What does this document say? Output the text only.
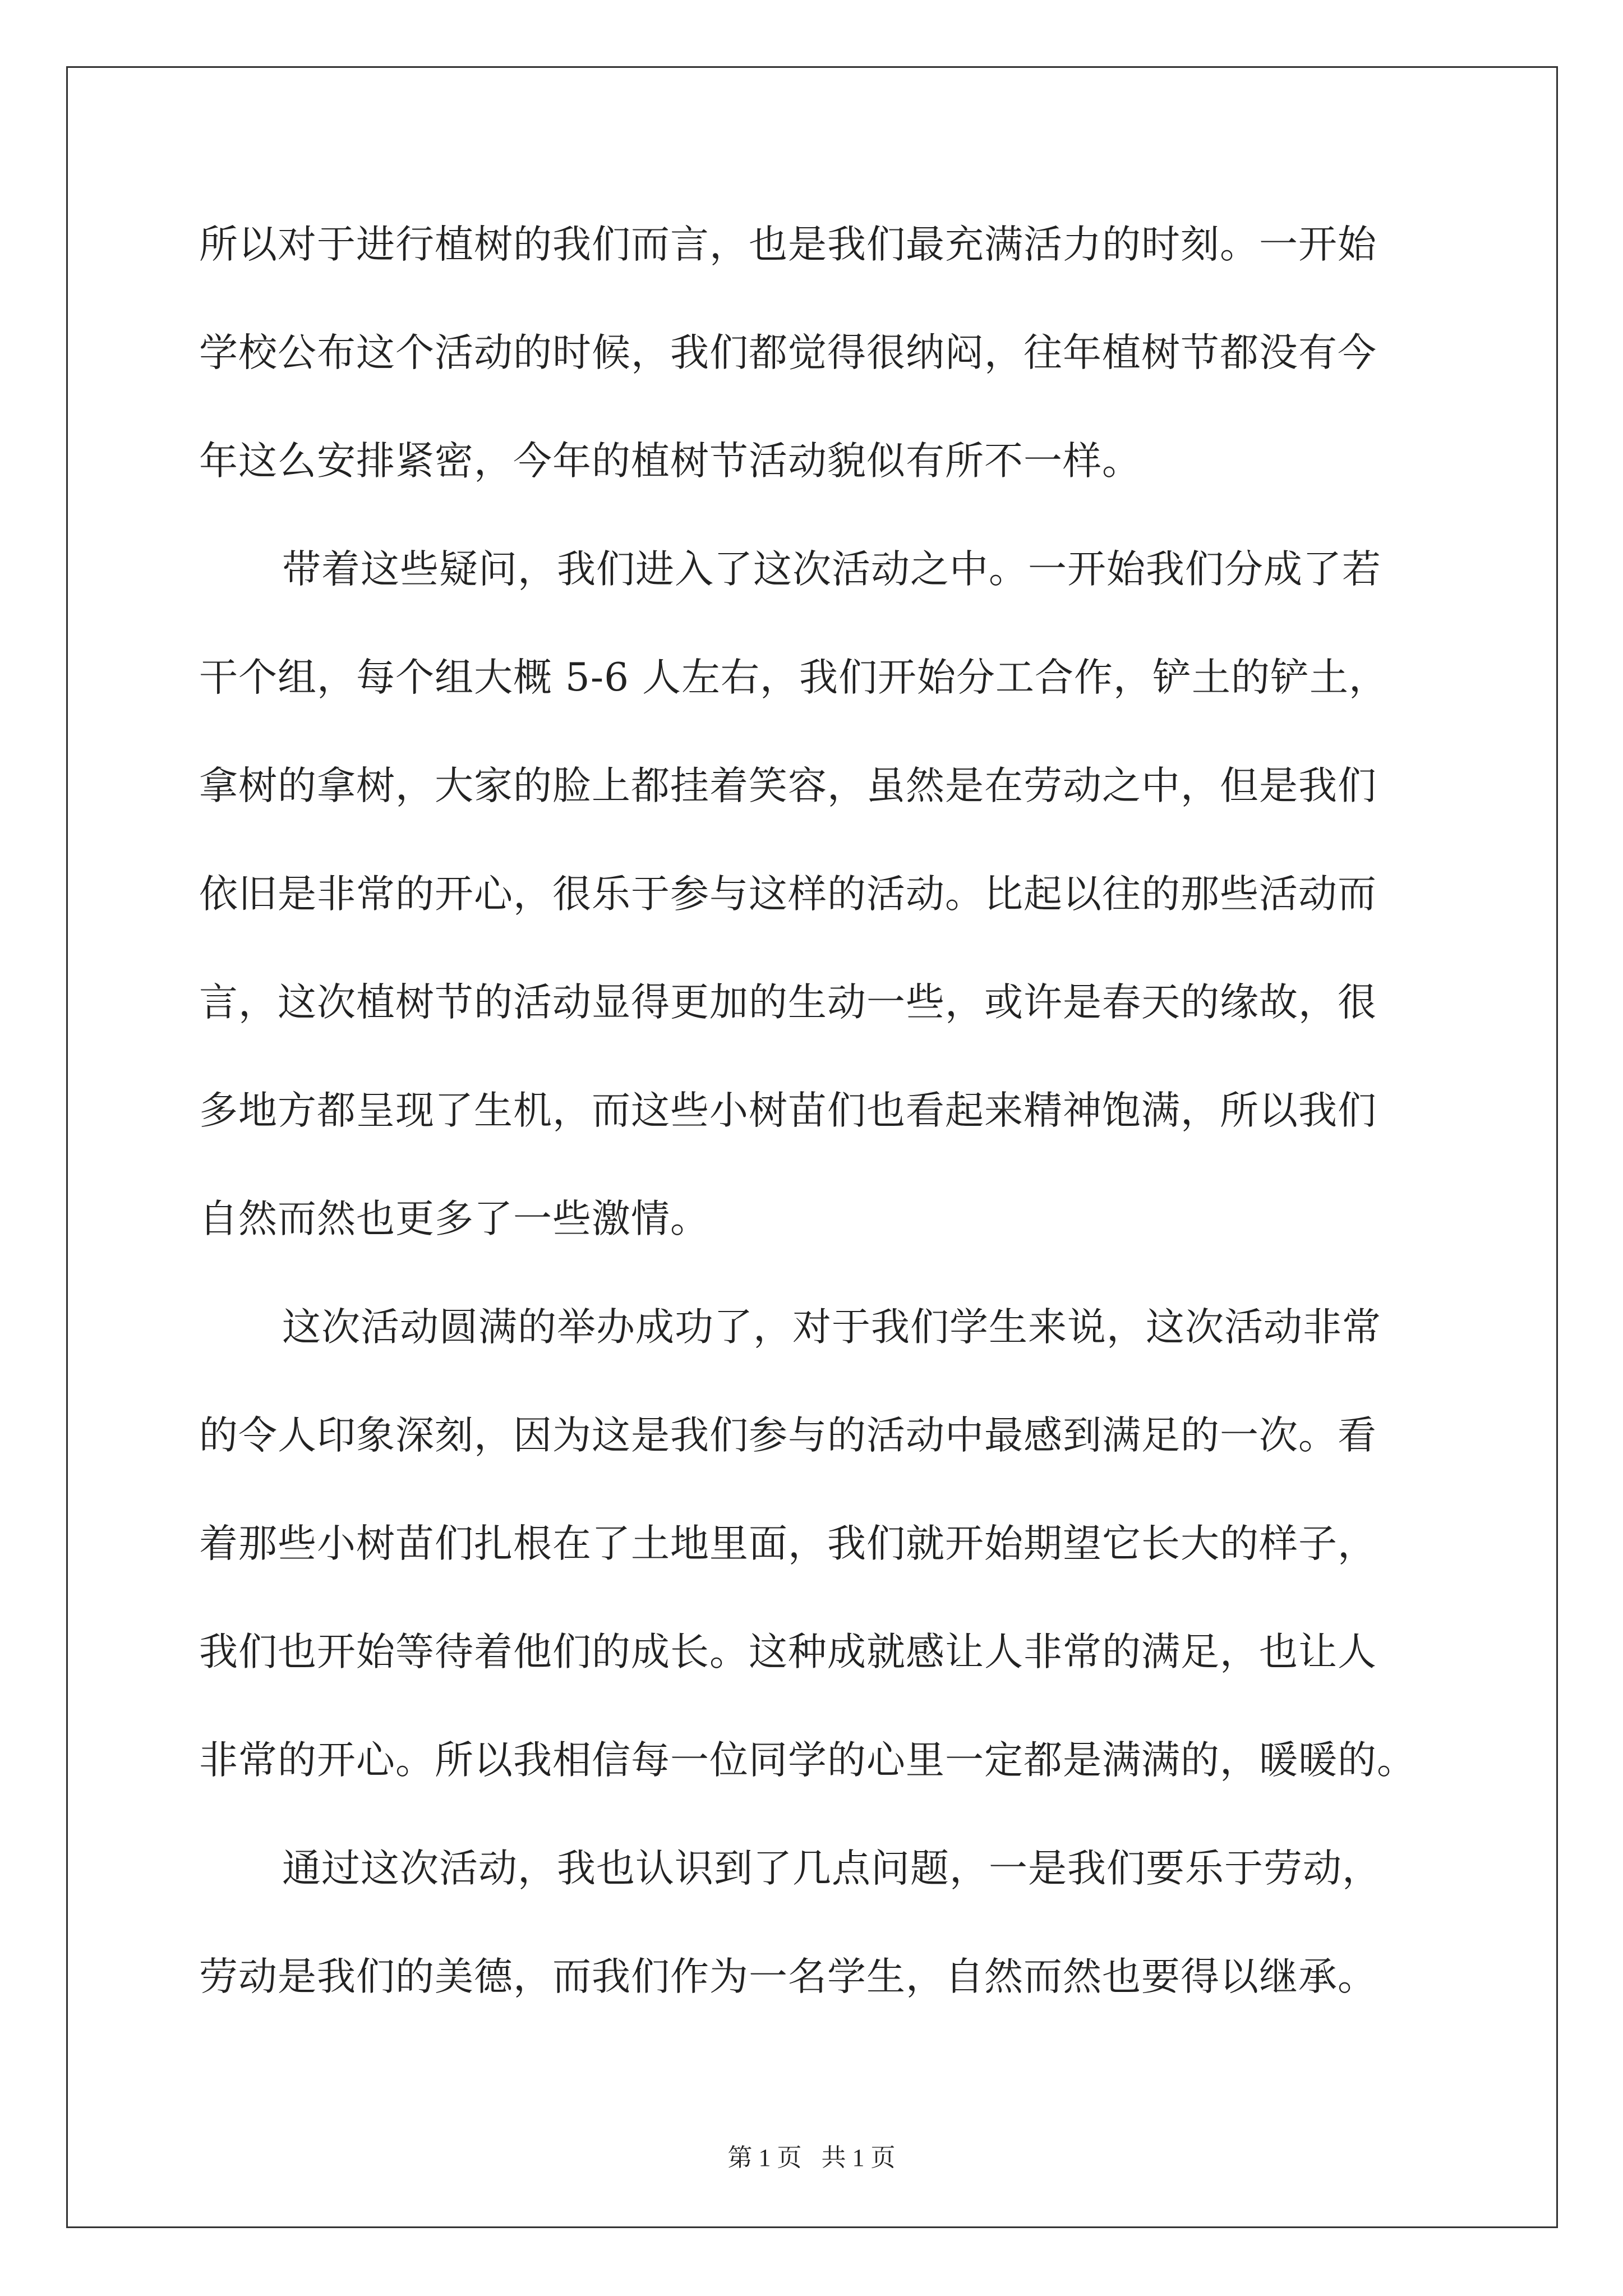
所以对于进行植树的我们而言，也是我们最充满活力的时刻。一开始
学校公布这个活动的时候，我们都觉得很纳闷，往年植树节都没有今
年这么安排紧密，今年的植树节活动貌似有所不一样。

带着这些疑问，我们进入了这次活动之中。一开始我们分成了若
干个组，每个组大概 5-6 人左右，我们开始分工合作，铲土的铲土，
拿树的拿树，大家的脸上都挂着笑容，虽然是在劳动之中，但是我们
依旧是非常的开心，很乐于参与这样的活动。比起以往的那些活动而
言，这次植树节的活动显得更加的生动一些，或许是春天的缘故，很
多地方都呈现了生机，而这些小树苗们也看起来精神饱满，所以我们
自然而然也更多了一些激情。

这次活动圆满的举办成功了，对于我们学生来说，这次活动非常
的令人印象深刻，因为这是我们参与的活动中最感到满足的一次。看
着那些小树苗们扎根在了土地里面，我们就开始期望它长大的样子，
我们也开始等待着他们的成长。这种成就感让人非常的满足，也让人
非常的开心。所以我相信每一位同学的心里一定都是满满的，暖暖的。

通过这次活动，我也认识到了几点问题，一是我们要乐于劳动，
劳动是我们的美德，而我们作为一名学生，自然而然也要得以继承。

第 1 页 共 1 页
